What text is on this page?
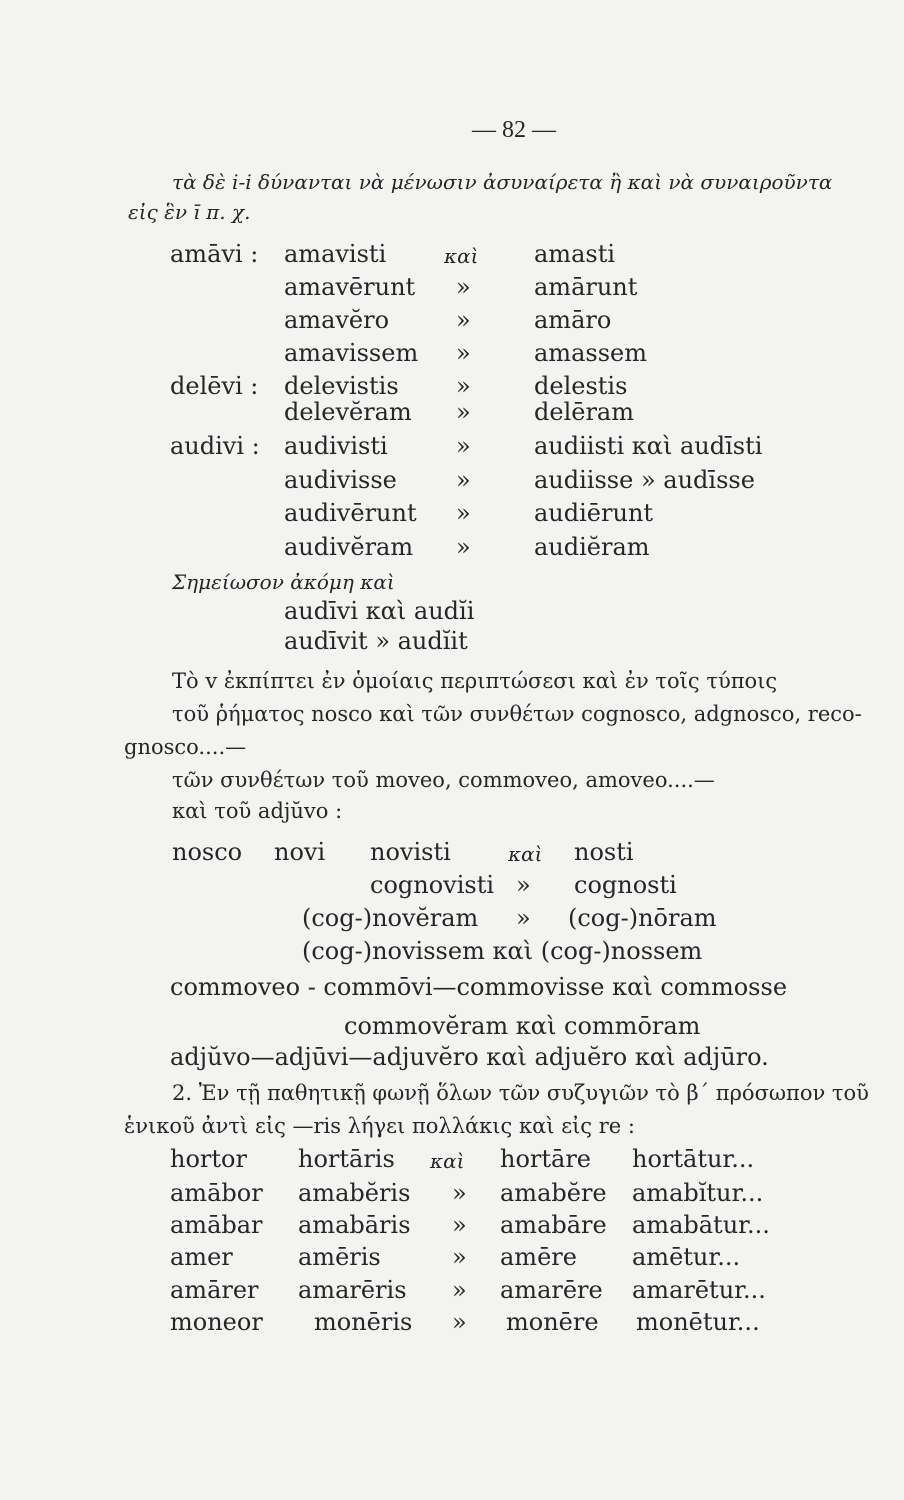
— 82 —
τὰ δὲ i-i δύνανται νὰ μένωσιν ἀσυναίρετα ἢ καὶ νὰ συναιροῦντα
εἰς ἓν ī π. χ.
amāvi : amavisti	καὶ amasti
amavērunt »	amārunt
amavĕro	»	amāro
amavissem »	amassem
delēvi : delevistis »	delestis
delevĕram »	delēram
audivi : audivisti	»	audiisti καὶ audīsti
audivisse »	audiisse » audīsse
audivērunt »	audiērunt
audivĕram »	audiĕram
Σημείωσον ἀκόμη καὶ
audīvi καὶ audĭi
audīvit » audĭit
Τὸ v ἐκπίπτει ἐν ὁμοίαις περιπτώσεσι καὶ ἐν τοῖς τύποις
τοῦ ῥήματος nosco καὶ τῶν συνθέτων cognosco, adgnosco, reco-
gnosco....—
τῶν συνθέτων τοῦ moveo, commoveo, amoveo....—
καὶ τοῦ adjŭvo :
nosco novi novisti	καὶ nosti
cognovisti » cognosti
(cog-)novĕram » (cog-)nōram
(cog-)novissem καὶ (cog-)nossem
commoveo - commōvi—commovisse καὶ commosse
commovĕram καὶ commōram
adjŭvo—adjūvi—adjuvĕro καὶ adjuĕro καὶ adjūro.
2. Ἐν τῇ παθητικῇ φωνῇ ὅλων τῶν συζυγιῶν τὸ β΄ πρόσωπον τοῦ
ἑνικοῦ ἀντὶ εἰς —ris λήγει πολλάκις καὶ εἰς re :
hortor hortāris καὶ hortāre hortātur...
amābor amabĕris » amabĕre amabĭtur...
amābar amabāris » amabāre amabātur...
amer	amēris	» amēre amētur...
amārer amarēris » amarēre amarētur...
moneor monēris » monēre monētur...
